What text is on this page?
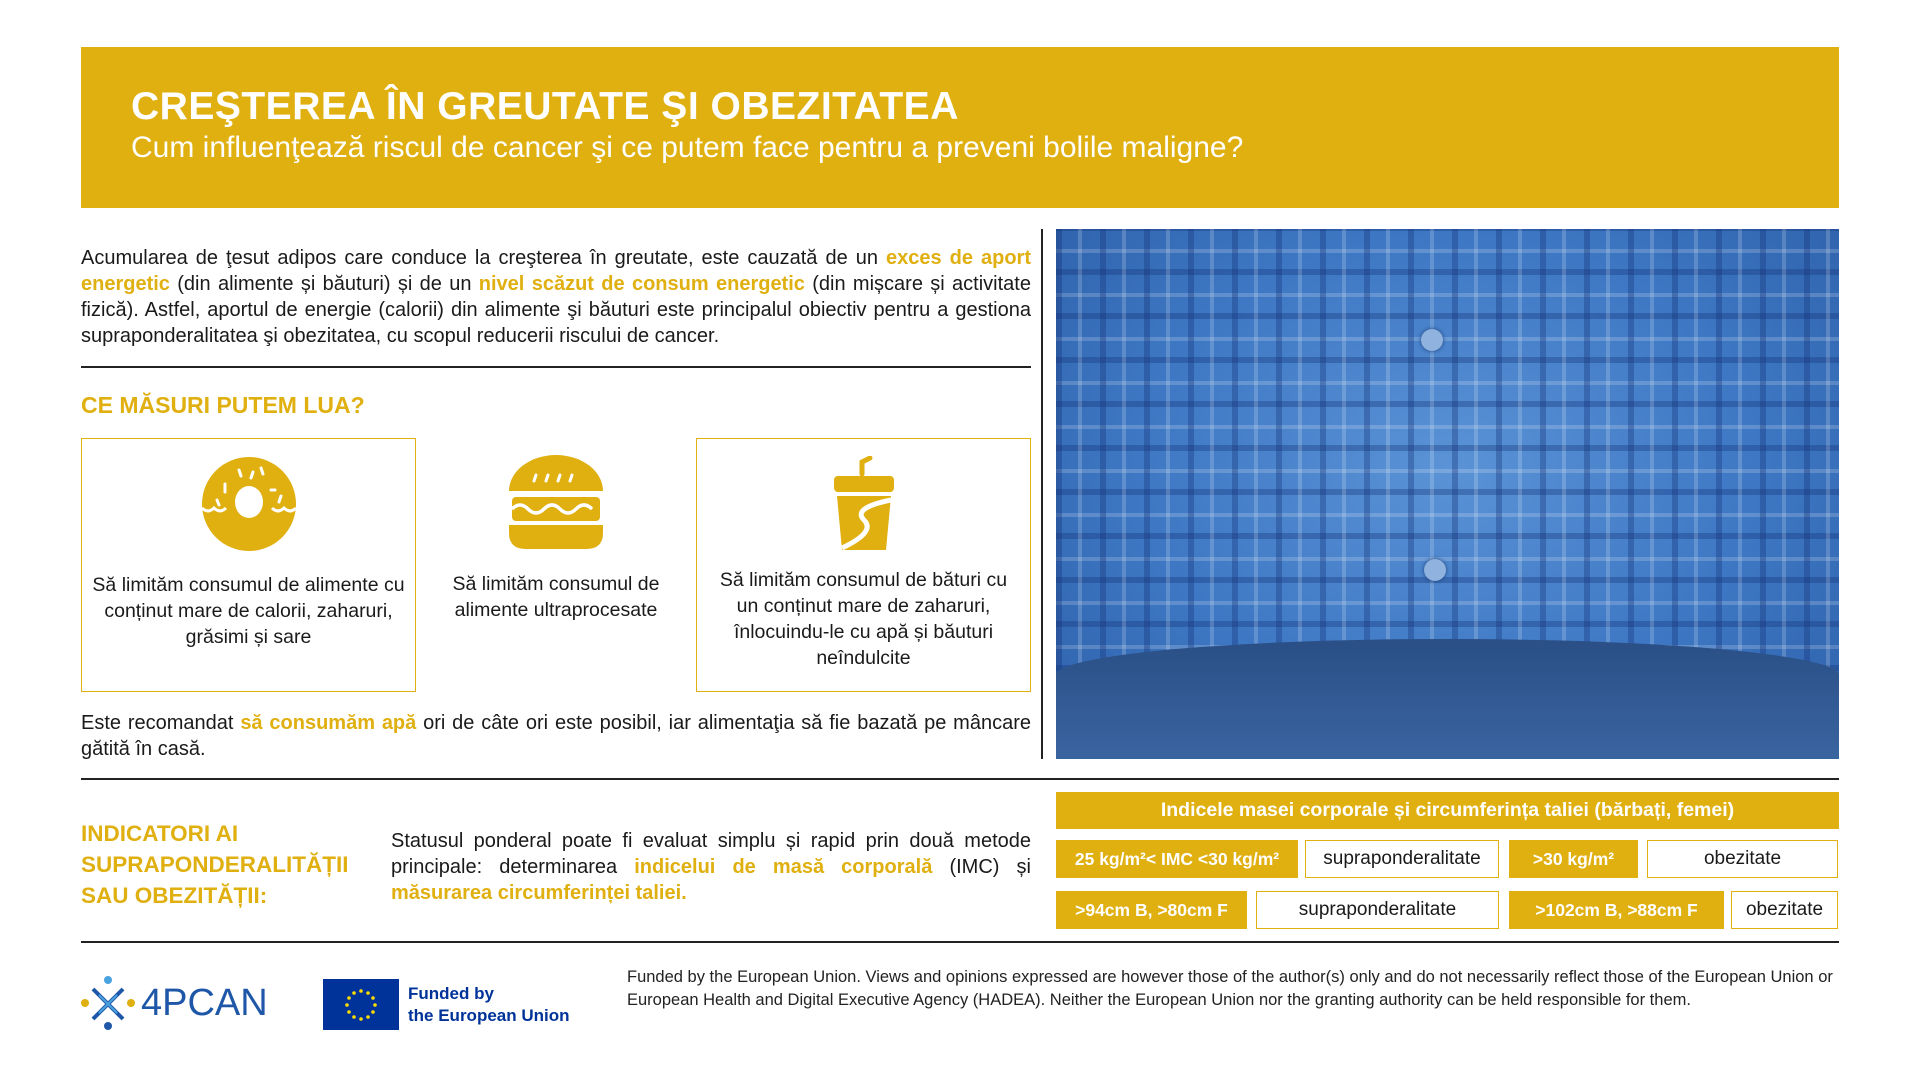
CREŞTEREA ÎN GREUTATE ŞI OBEZITATEA
Cum influenţează riscul de cancer şi ce putem face pentru a preveni bolile maligne?

Acumularea de ţesut adipos care conduce la creşterea în greutate, este cauzată de un exces de aport energetic (din alimente și băuturi) și de un nivel scăzut de consum energetic (din mișcare și activitate fizică). Astfel, aportul de energie (calorii) din alimente şi băuturi este principalul obiectiv pentru a gestiona supraponderalitatea şi obezitatea, cu scopul reducerii riscului de cancer.

CE MĂSURI PUTEM LUA?
Să limităm consumul de alimente cu conținut mare de calorii, zaharuri, grăsimi și sare
Să limităm consumul de alimente ultraprocesate
Să limităm consumul de bături cu un conținut mare de zaharuri, înlocuindu-le cu apă și băuturi neîndulcite

Este recomandat să consumăm apă ori de câte ori este posibil, iar alimentaţia să fie bazată pe mâncare gătită în casă.

INDICATORI AI SUPRAPONDERALITĂȚII SAU OBEZITĂȚII:

Statusul ponderal poate fi evaluat simplu și rapid prin două metode principale: determinarea indicelui de masă corporală (IMC) și măsurarea circumferinței taliei.

Indicele masei corporale și circumferința taliei (bărbați, femei)
25 kg/m²< IMC <30 kg/m²	supraponderalitate	>30 kg/m²	obezitate
>94cm B, >80cm F	supraponderalitate	>102cm B, >88cm F	obezitate
4PCAN	Funded by
the European Union
Funded by the European Union. Views and opinions expressed are however those of the author(s) only and do not necessarily reflect those of the European Union or European Health and Digital Executive Agency (HADEA). Neither the European Union nor the granting authority can be held responsible for them.
